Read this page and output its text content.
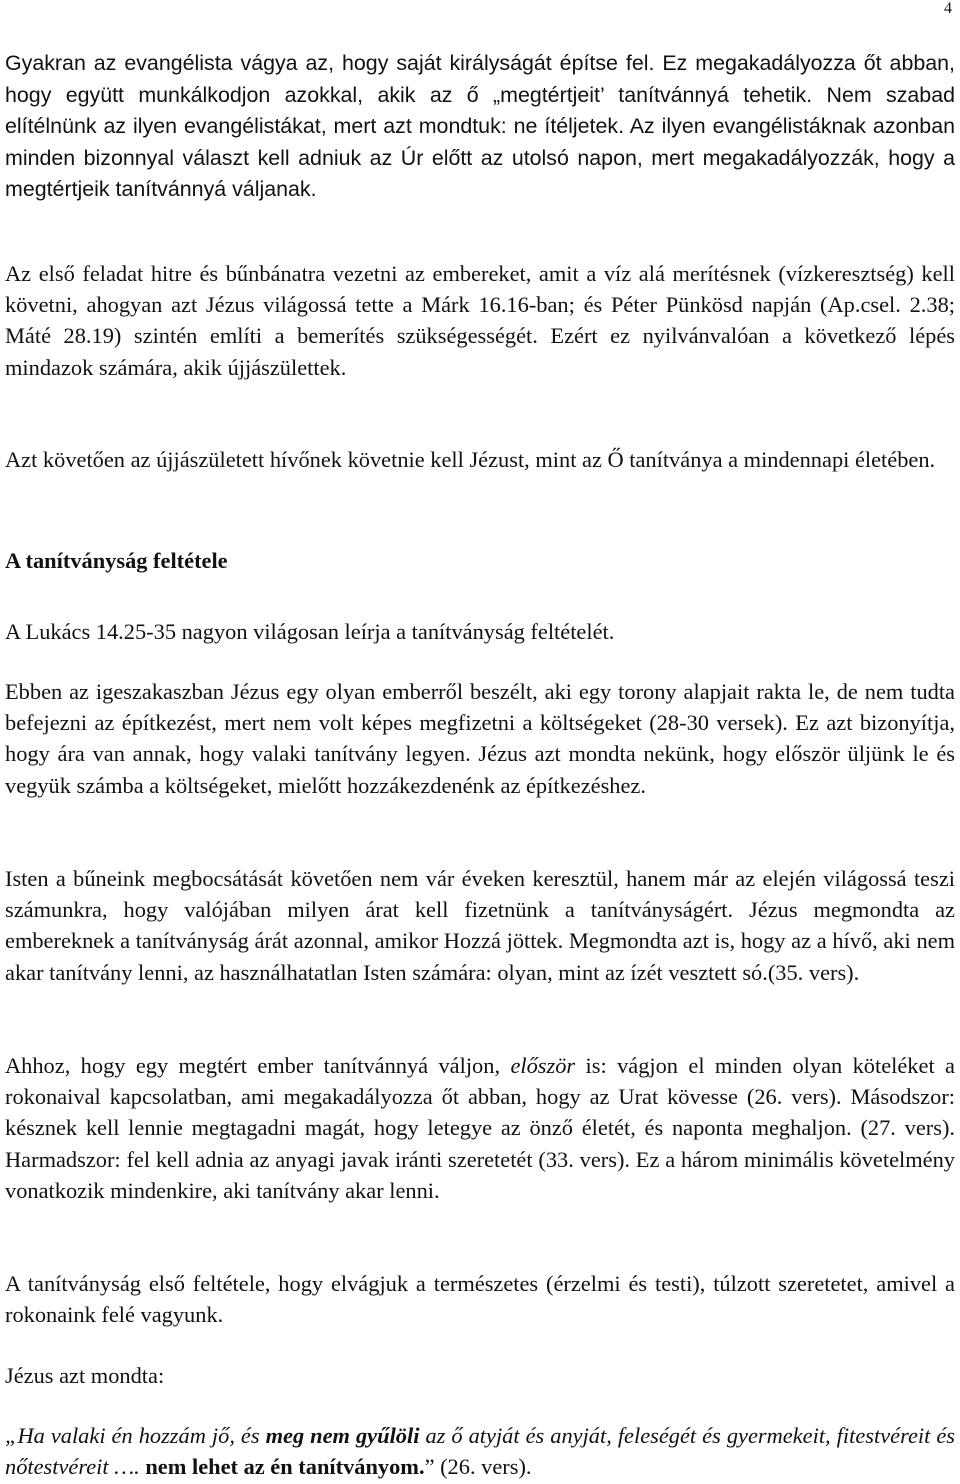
4

Gyakran az evangélista vágya az, hogy saját királyságát építse fel. Ez megakadályozza őt abban, hogy együtt munkálkodjon azokkal, akik az ő „megtértjeit’ tanítvánnyá tehetik. Nem szabad elítélnünk az ilyen evangélistákat, mert azt mondtuk: ne ítéljetek. Az ilyen evangélistáknak azonban minden bizonnyal választ kell adniuk az Úr előtt az utolsó napon, mert megakadályozzák, hogy a megtértjeik tanítvánnyá váljanak.

Az első feladat hitre és bűnbánatra vezetni az embereket, amit a víz alá merítésnek (vízkeresztség) kell követni, ahogyan azt Jézus világossá tette a Márk 16.16-ban; és Péter Pünkösd napján (Ap.csel. 2.38; Máté 28.19) szintén említi a bemerítés szükségességét. Ezért ez nyilvánvalóan a következő lépés mindazok számára, akik újjászülettek.

Azt követően az újjászületett hívőnek követnie kell Jézust, mint az Ő tanítványa a mindennapi életében.

A tanítványság feltétele

A Lukács 14.25-35 nagyon világosan leírja a tanítványság feltételét.

Ebben az igeszakaszban Jézus egy olyan emberről beszélt, aki egy torony alapjait rakta le, de nem tudta befejezni az építkezést, mert nem volt képes megfizetni a költségeket (28-30 versek). Ez azt bizonyítja, hogy ára van annak, hogy valaki tanítvány legyen. Jézus azt mondta nekünk, hogy először üljünk le és vegyük számba a költségeket, mielőtt hozzákezdenénk az építkezéshez.

Isten a bűneink megbocsátását követően nem vár éveken keresztül, hanem már az elején világossá teszi számunkra, hogy valójában milyen árat kell fizetnünk a tanítványságért. Jézus megmondta az embereknek a tanítványság árát azonnal, amikor Hozzá jöttek. Megmondta azt is, hogy az a hívő, aki nem akar tanítvány lenni, az használhatatlan Isten számára: olyan, mint az ízét vesztett só.(35. vers).

Ahhoz, hogy egy megtért ember tanítvánnyá váljon, először is: vágjon el minden olyan köteléket a rokonaival kapcsolatban, ami megakadályozza őt abban, hogy az Urat kövesse (26. vers). Másodszor: késznek kell lennie megtagadni magát, hogy letegye az önző életét, és naponta meghaljon. (27. vers). Harmadszor: fel kell adnia az anyagi javak iránti szeretetét (33. vers). Ez a három minimális követelmény vonatkozik mindenkire, aki tanítvány akar lenni.

A tanítványság első feltétele, hogy elvágjuk a természetes (érzelmi és testi), túlzott szeretetet, amivel a rokonaink felé vagyunk.

Jézus azt mondta:

„Ha valaki én hozzám jő, és meg nem gyűlöli az ő atyját és anyját, feleségét és gyermekeit, fitestvéreit és nőtestvéreit …. nem lehet az én tanítványom.” (26. vers).
